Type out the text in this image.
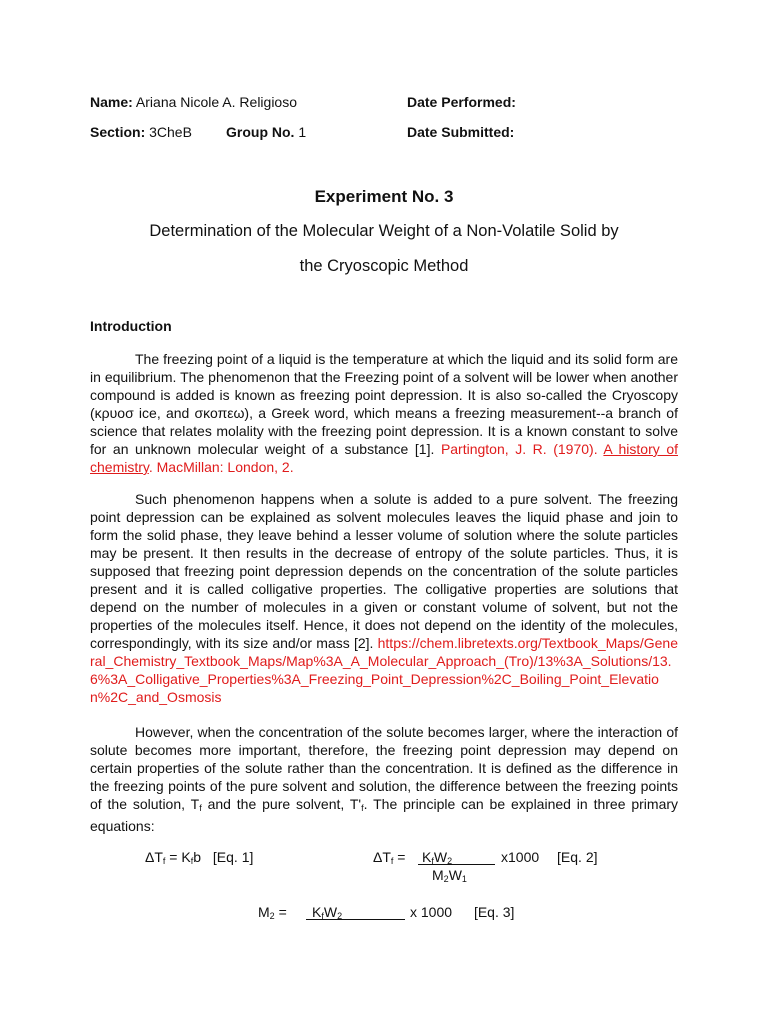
Name: Ariana Nicole A. Religioso	Date Performed:
Section: 3CheB Group No. 1	Date Submitted:
Experiment No. 3
Determination of the Molecular Weight of a Non-Volatile Solid by
the Cryoscopic Method
Introduction
The freezing point of a liquid is the temperature at which the liquid and its solid form are in equilibrium. The phenomenon that the Freezing point of a solvent will be lower when another compound is added is known as freezing point depression. It is also so-called the Cryoscopy (κρυοσ ice, and σκοπεω), a Greek word, which means a freezing measurement--a branch of science that relates molality with the freezing point depression. It is a known constant to solve for an unknown molecular weight of a substance [1]. Partington, J. R. (1970). A history of chemistry. MacMillan: London, 2.
Such phenomenon happens when a solute is added to a pure solvent. The freezing point depression can be explained as solvent molecules leaves the liquid phase and join to form the solid phase, they leave behind a lesser volume of solution where the solute particles may be present. It then results in the decrease of entropy of the solute particles. Thus, it is supposed that freezing point depression depends on the concentration of the solute particles present and it is called colligative properties. The colligative properties are solutions that depend on the number of molecules in a given or constant volume of solvent, but not the properties of the molecules itself. Hence, it does not depend on the identity of the molecules, correspondingly, with its size and/or mass [2]. https://chem.libretexts.org/Textbook_Maps/General_Chemistry_Textbook_Maps/Map%3A_A_Molecular_Approach_(Tro)/13%3A_Solutions/13.6%3A_Colligative_Properties%3A_Freezing_Point_Depression%2C_Boiling_Point_Elevation%2C_and_Osmosis
However, when the concentration of the solute becomes larger, where the interaction of solute becomes more important, therefore, the freezing point depression may depend on certain properties of the solute rather than the concentration. It is defined as the difference in the freezing points of the pure solvent and solution, the difference between the freezing points of the solution, $T_f$ and the pure solvent, $T'_f$. The principle can be explained in three primary equations:
$\Delta T_f = K_fb$ [Eq. 1]	$\Delta T_f = K_fW_2$
$M_2W_1$
x1000 [Eq. 2]
$M_2$ =	$K_fW_2$	x 1000 [Eq. 3]
